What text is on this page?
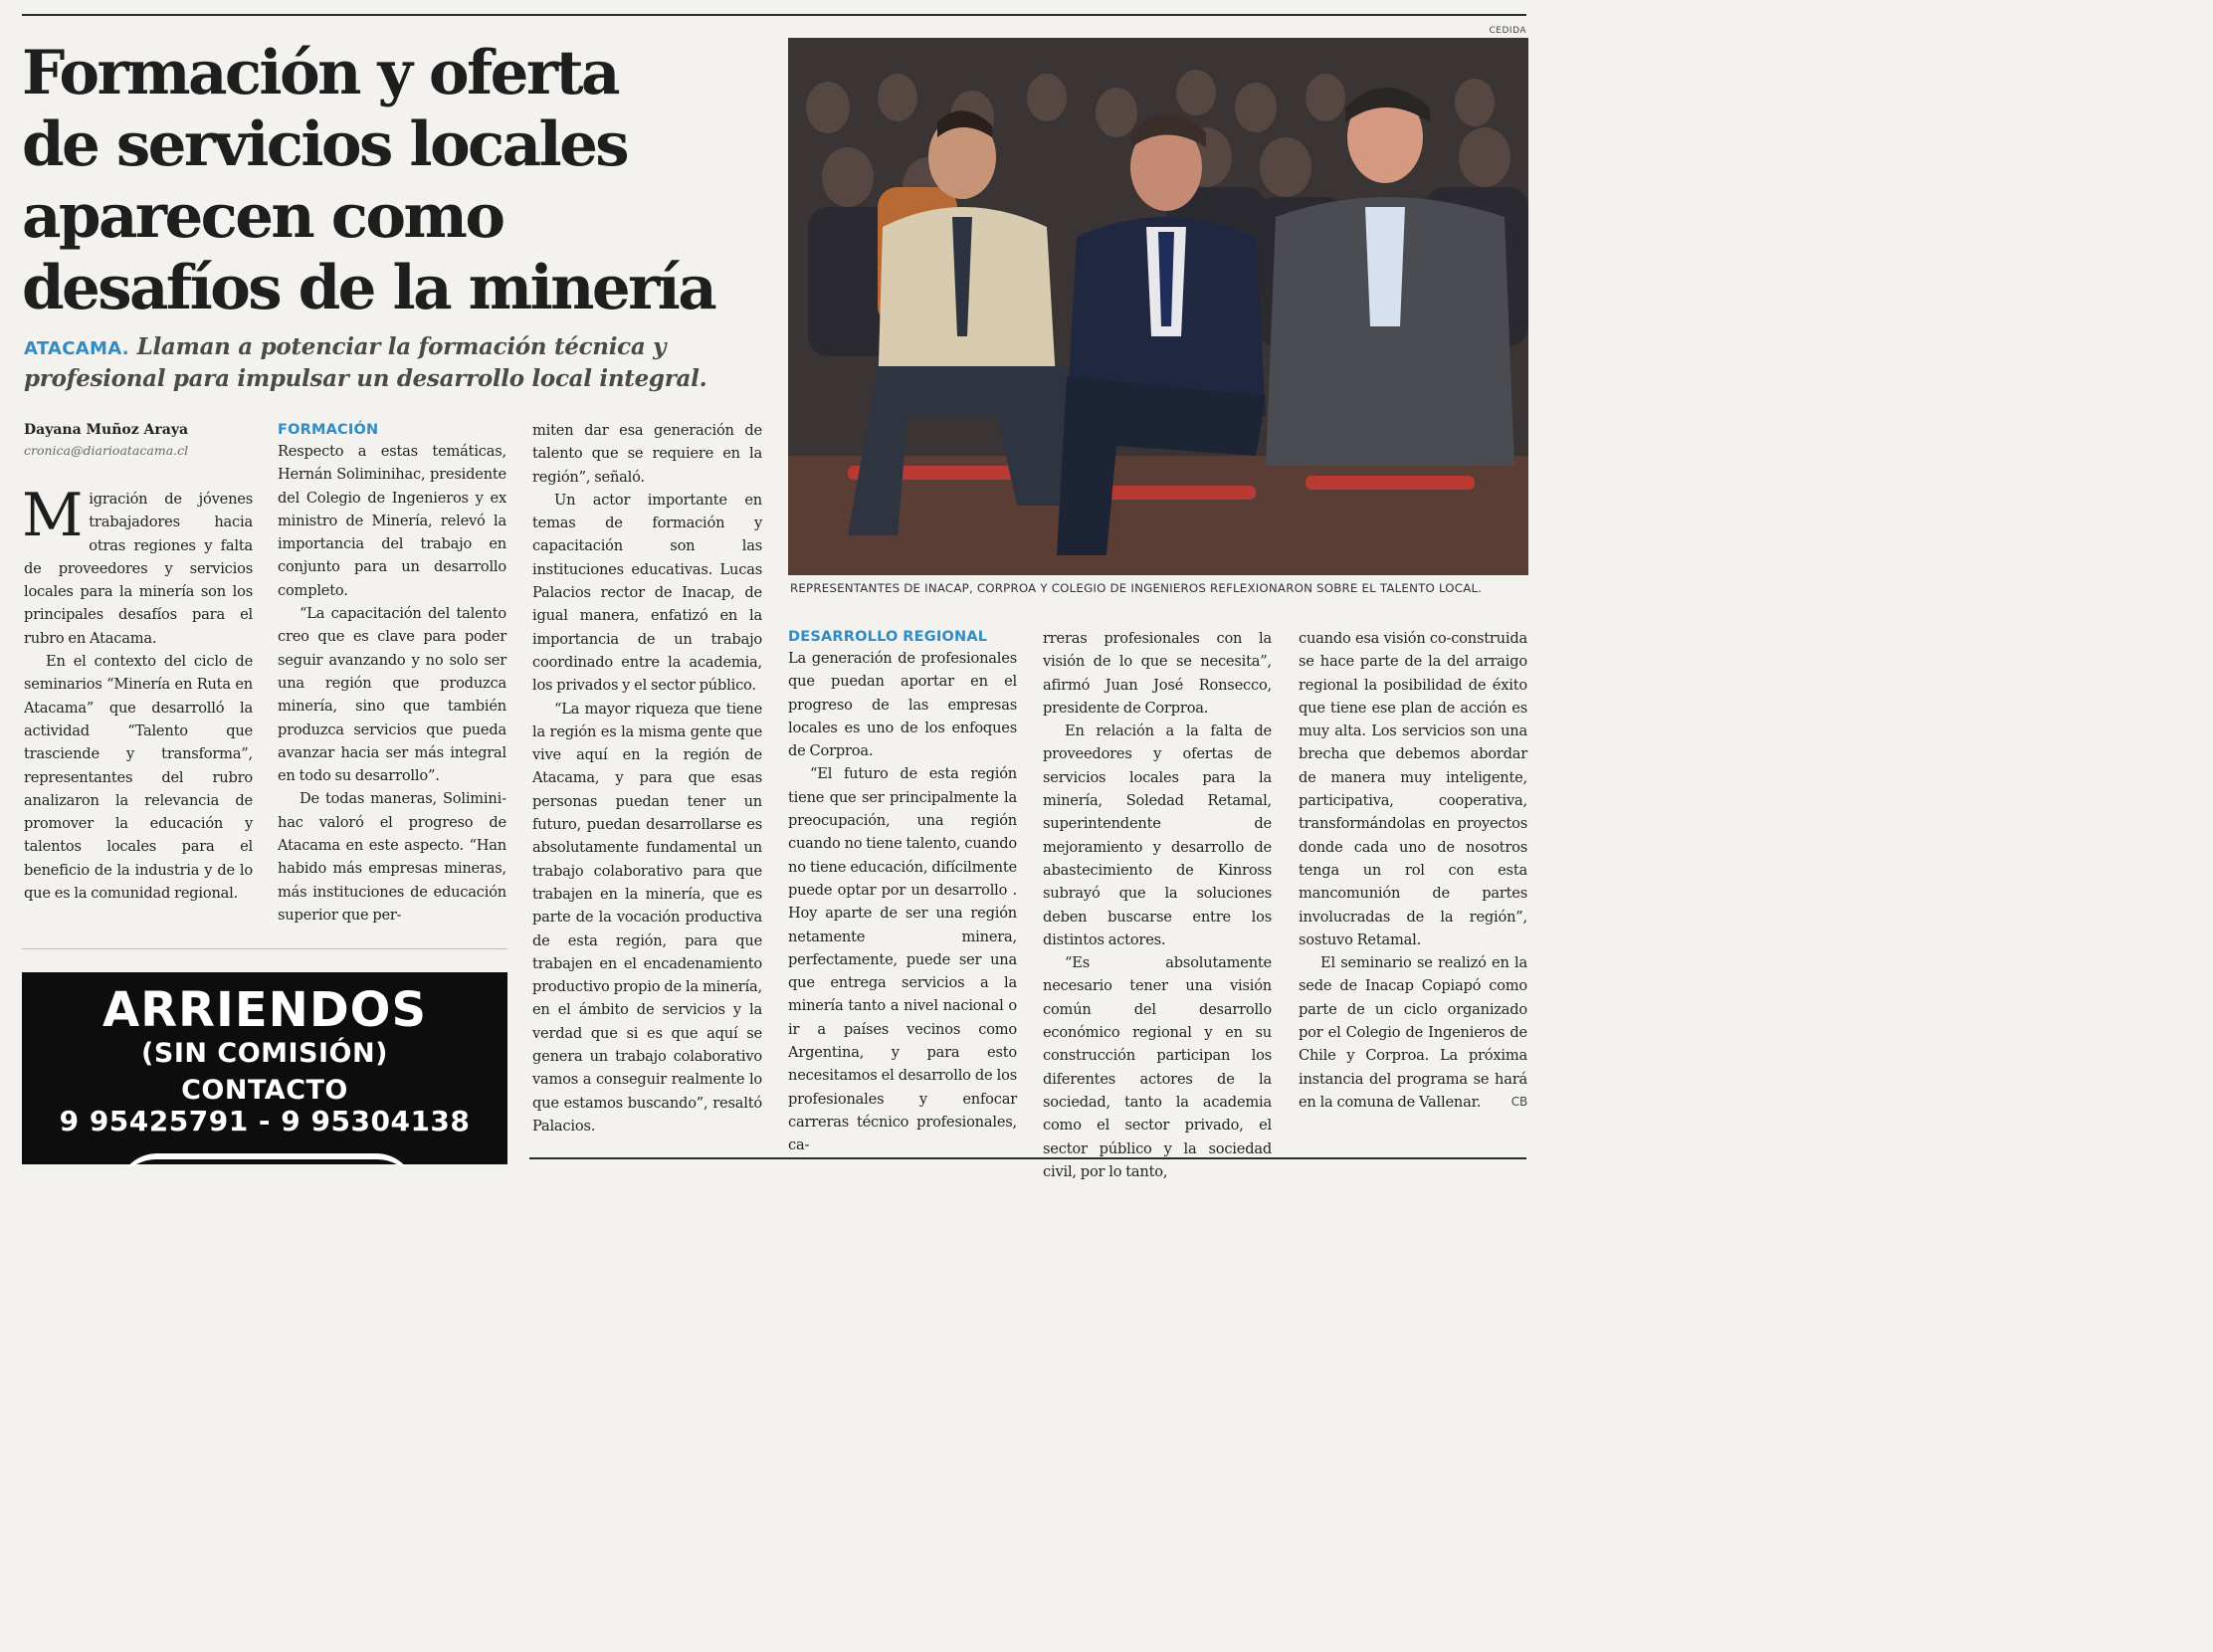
Formación y oferta
de servicios locales
aparecen como
desafíos de la minería
ATACAMA. Llaman a potenciar la formación técnica y
profesional para impulsar un desarrollo local integral.
Dayana Muñoz Araya
cronica@diarioatacama.cl

Migración de jóvenes trabajadores hacia otras regiones y falta de proveedores y servicios locales para la minería son los principales desafíos para el rubro en Atacama.

En el contexto del ciclo de seminarios “Minería en Ruta en Atacama” que desarrolló la actividad “Talento que trasciende y transforma”, representantes del rubro analizaron la relevancia de promover la educación y talentos locales para el beneficio de la industria y de lo que es la comunidad regional.

FORMACIÓN

Respecto a estas temáticas, Hernán Soliminihac, presidente del Colegio de Ingenieros y ex ministro de Minería, relevó la importancia del trabajo en conjunto para un desarrollo completo.

“La capacitación del talento creo que es clave para poder seguir avanzando y no solo ser una región que produzca minería, sino que también produzca servicios que pueda avanzar hacia ser más integral en todo su desarrollo”.

De todas maneras, Soliminihac valoró el progreso de Atacama en este aspecto. “Han habido más empresas mineras, más instituciones de educación superior que per-

miten dar esa generación de talento que se requiere en la región”, señaló.

Un actor importante en temas de formación y capacitación son las instituciones educativas. Lucas Palacios rector de Inacap, de igual manera, enfatizó en la importancia de un trabajo coordinado entre la academia, los privados y el sector público.

“La mayor riqueza que tiene la región es la misma gente que vive aquí en la región de Atacama, y para que esas personas puedan tener un futuro, puedan desarrollarse es absolutamente fundamental un trabajo colaborativo para que trabajen en la minería, que es parte de la vocación productiva de esta región, para que trabajen en el encadenamiento productivo propio de la minería, en el ámbito de servicios y la verdad que si es que aquí se genera un trabajo colaborativo vamos a conseguir realmente lo que estamos buscando”, resaltó Palacios.

CEDIDA
REPRESENTANTES DE INACAP, CORPROA Y COLEGIO DE INGENIEROS REFLEXIONARON SOBRE EL TALENTO LOCAL.
DESARROLLO REGIONAL

La generación de profesionales que puedan aportar en el progreso de las empresas locales es uno de los enfoques de Corproa.

“El futuro de esta región tiene que ser principalmente la preocupación, una región cuando no tiene talento, cuando no tiene educación, difícilmente puede optar por un desarrollo . Hoy aparte de ser una región netamente minera, perfectamente, puede ser una que entrega servicios a la minería tanto a nivel nacional o ir a países vecinos como Argentina, y para esto necesitamos el desarrollo de los profesionales y enfocar carreras técnico profesionales, ca-

rreras profesionales con la visión de lo que se necesita”, afirmó Juan José Ronsecco, presidente de Corproa.

En relación a la falta de proveedores y ofertas de servicios locales para la minería, Soledad Retamal, superintendente de mejoramiento y desarrollo de abastecimiento de Kinross subrayó que la soluciones deben buscarse entre los distintos actores.

“Es absolutamente necesario tener una visión común del desarrollo económico regional y en su construcción participan los diferentes actores de la sociedad, tanto la academia como el sector privado, el sector público y la sociedad civil, por lo tanto,

cuando esa visión co-construida se hace parte de la del arraigo regional la posibilidad de éxito que tiene ese plan de acción es muy alta. Los servicios son una brecha que debemos abordar de manera muy inteligente, participativa, cooperativa, transformándolas en proyectos donde cada uno de nosotros tenga un rol con esta mancomunión de partes involucradas de la región”, sostuvo Retamal.

El seminario se realizó en la sede de Inacap Copiapó como parte de un ciclo organizado por el Colegio de Ingenieros de Chile y Corproa. La próxima instancia del programa se hará en la comuna de Vallenar.	CB

ARRIENDOS
(SIN COMISIÓN)
CONTACTO
9 95425791 - 9 95304138
